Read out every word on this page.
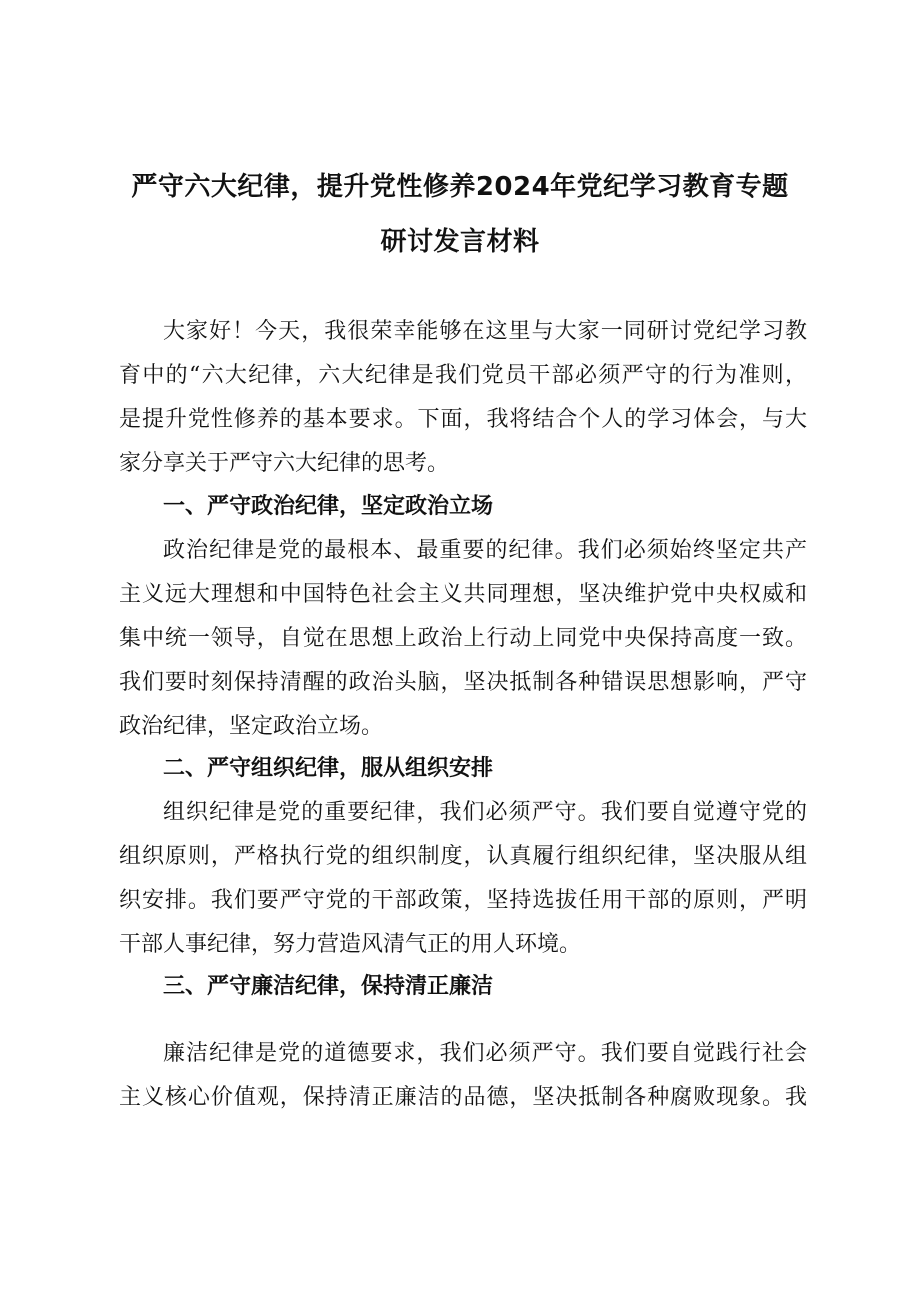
严守六大纪律，提升党性修养2024年党纪学习教育专题
研讨发言材料

大家好！今天，我很荣幸能够在这里与大家一同研讨党纪学习教

育中的“六大纪律，六大纪律是我们党员干部必须严守的行为准则，

是提升党性修养的基本要求。下面，我将结合个人的学习体会，与大

家分享关于严守六大纪律的思考。

一、严守政治纪律，坚定政治立场

政治纪律是党的最根本、最重要的纪律。我们必须始终坚定共产

主义远大理想和中国特色社会主义共同理想，坚决维护党中央权威和

集中统一领导，自觉在思想上政治上行动上同党中央保持高度一致。

我们要时刻保持清醒的政治头脑，坚决抵制各种错误思想影响，严守

政治纪律，坚定政治立场。

二、严守组织纪律，服从组织安排

组织纪律是党的重要纪律，我们必须严守。我们要自觉遵守党的

组织原则，严格执行党的组织制度，认真履行组织纪律，坚决服从组

织安排。我们要严守党的干部政策，坚持选拔任用干部的原则，严明

干部人事纪律，努力营造风清气正的用人环境。

三、严守廉洁纪律，保持清正廉洁

廉洁纪律是党的道德要求，我们必须严守。我们要自觉践行社会

主义核心价值观，保持清正廉洁的品德，坚决抵制各种腐败现象。我
